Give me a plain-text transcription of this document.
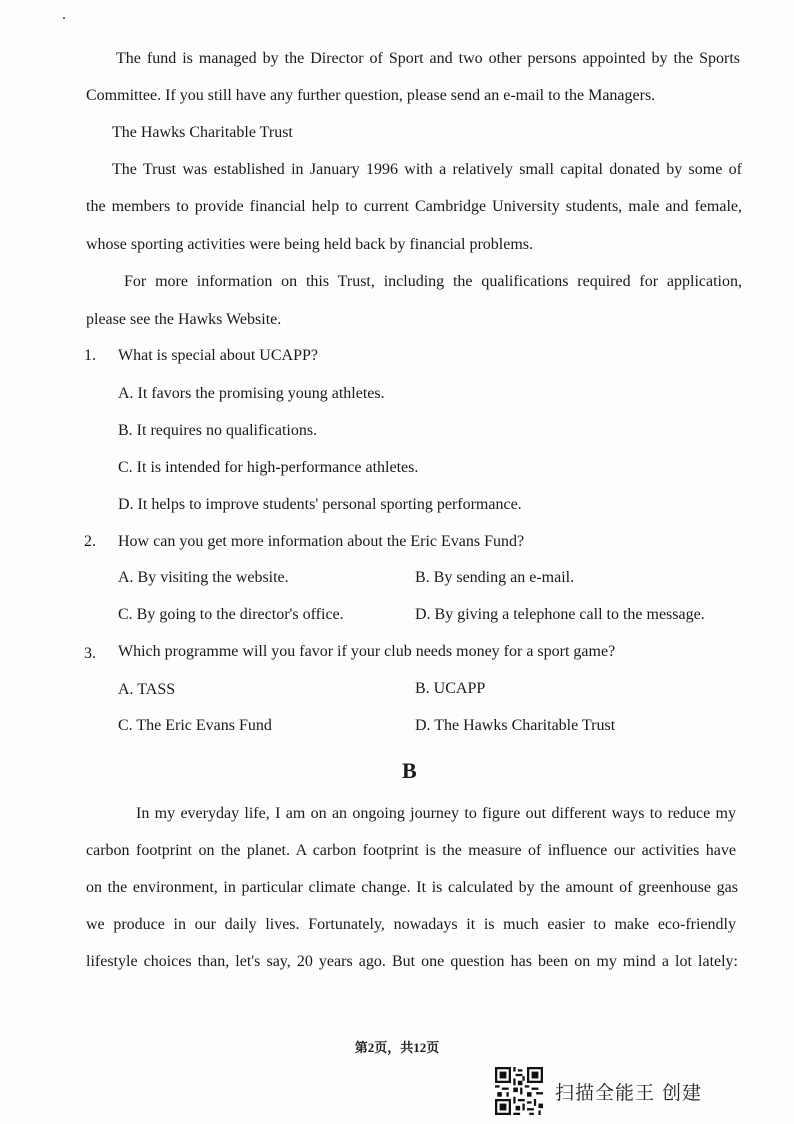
The fund is managed by the Director of Sport and two other persons appointed by the Sports
Committee. If you still have any further question, please send an e-mail to the Managers.
The Hawks Charitable Trust
The Trust was established in January 1996 with a relatively small capital donated by some of
the members to provide financial help to current Cambridge University students, male and female,
whose sporting activities were being held back by financial problems.
For more information on this Trust, including the qualifications required for application,
please see the Hawks Website.
1. What is special about UCAPP?
A. It favors the promising young athletes.
B. It requires no qualifications.
C. It is intended for high-performance athletes.
D. It helps to improve students' personal sporting performance.
2. How can you get more information about the Eric Evans Fund?
A. By visiting the website.	B. By sending an e-mail.
C. By going to the director's office.	D. By giving a telephone call to the message.
3. Which programme will you favor if your club needs money for a sport game?
A. TASS	B. UCAPP
C. The Eric Evans Fund	D. The Hawks Charitable Trust
B
In my everyday life, I am on an ongoing journey to figure out different ways to reduce my
carbon footprint on the planet. A carbon footprint is the measure of influence our activities have
on the environment, in particular climate change. It is calculated by the amount of greenhouse gas
we produce in our daily lives. Fortunately, nowadays it is much easier to make eco-friendly
lifestyle choices than, let's say, 20 years ago. But one question has been on my mind a lot lately:
第2页，共12页
扫描全能王 创建
